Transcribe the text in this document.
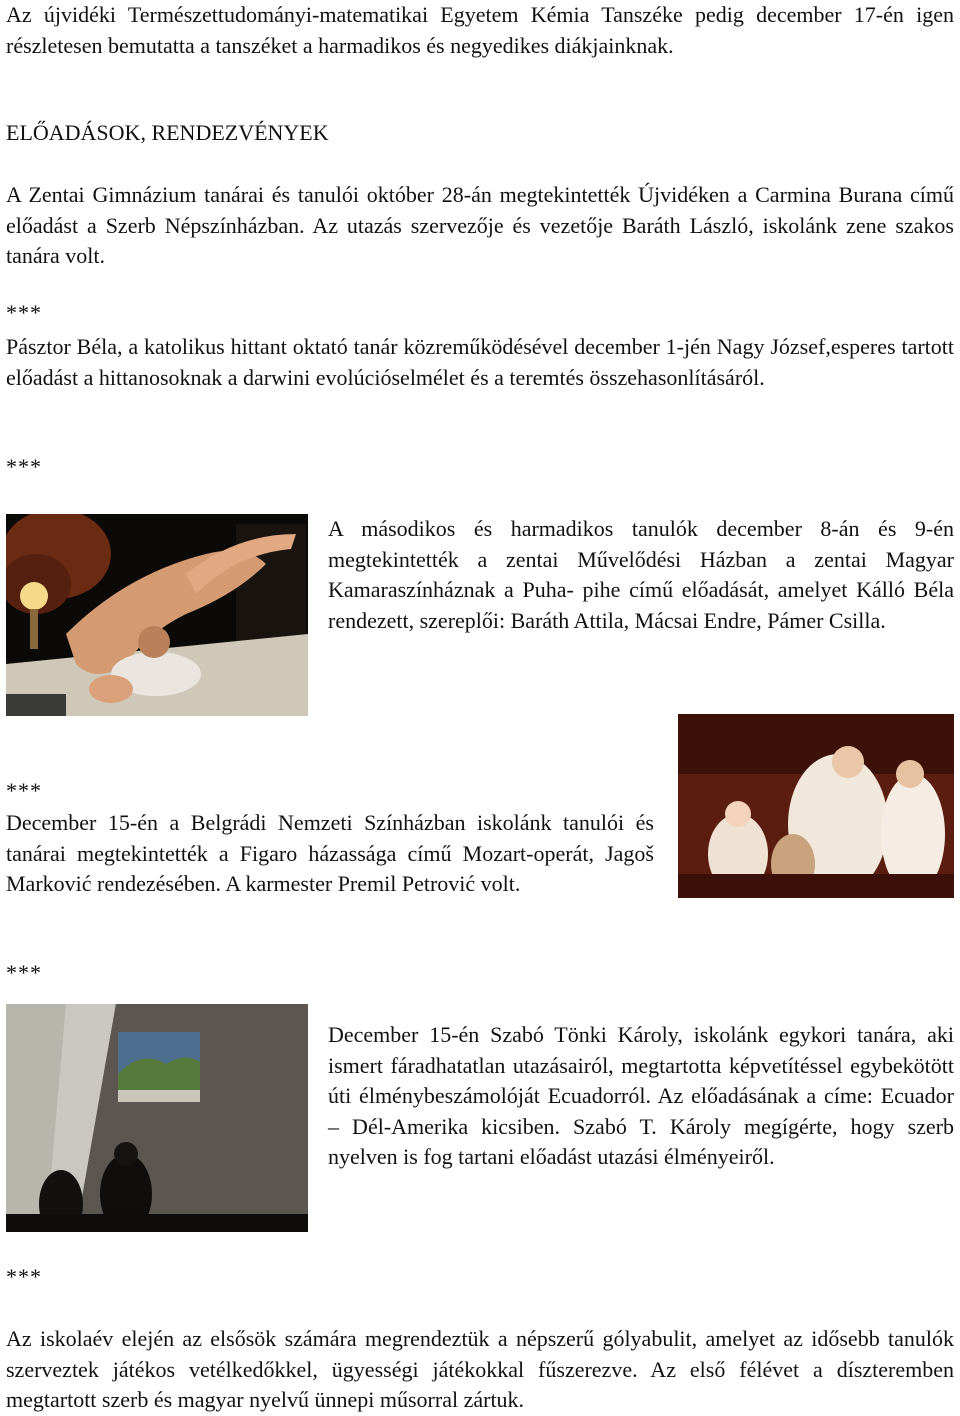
Az újvidéki Természettudományi-matematikai Egyetem Kémia Tanszéke pedig december 17-én igen részletesen bemutatta a tanszéket a harmadikos és negyedikes diákjainknak.

ELŐADÁSOK, RENDEZVÉNYEK

A Zentai Gimnázium tanárai és tanulói október 28-án megtekintették Újvidéken a Carmina Burana című előadást a Szerb Népszínházban. Az utazás szervezője és vezetője Baráth László, iskolánk zene szakos tanára volt.

***

Pásztor Béla, a katolikus hittant oktató tanár közreműködésével december 1-jén Nagy József,esperes tartott előadást a hittanosoknak a darwini evolúcióselmélet és a teremtés összehasonlításáról.

***

A másodikos és harmadikos tanulók december 8-án és 9-én megtekintették a zentai Művelődési Házban a zentai Magyar Kamaraszínháznak a Puha- pihe című előadását, amelyet Kálló Béla rendezett, szereplői: Baráth Attila, Mácsai Endre, Pámer Csilla.

***

December 15-én a Belgrádi Nemzeti Színházban iskolánk tanulói és tanárai megtekintették a Figaro házassága című Mozart-operát, Jagoš Marković rendezésében. A karmester Premil Petrović volt.

***

December 15-én Szabó Tönki Károly, iskolánk egykori tanára, aki ismert fáradhatatlan utazásairól, megtartotta képvetítéssel egybekötött úti élménybeszámolóját Ecuadorról. Az előadásának a címe: Ecuador – Dél-Amerika kicsiben. Szabó T. Károly megígérte, hogy szerb nyelven is fog tartani előadást utazási élményeiről.

***

Az iskolaév elején az elsősök számára megrendeztük a népszerű gólyabulit, amelyet az idősebb tanulók szerveztek játékos vetélkedőkkel, ügyességi játékokkal fűszerezve. Az első félévet a díszteremben megtartott szerb és magyar nyelvű ünnepi műsorral zártuk.
